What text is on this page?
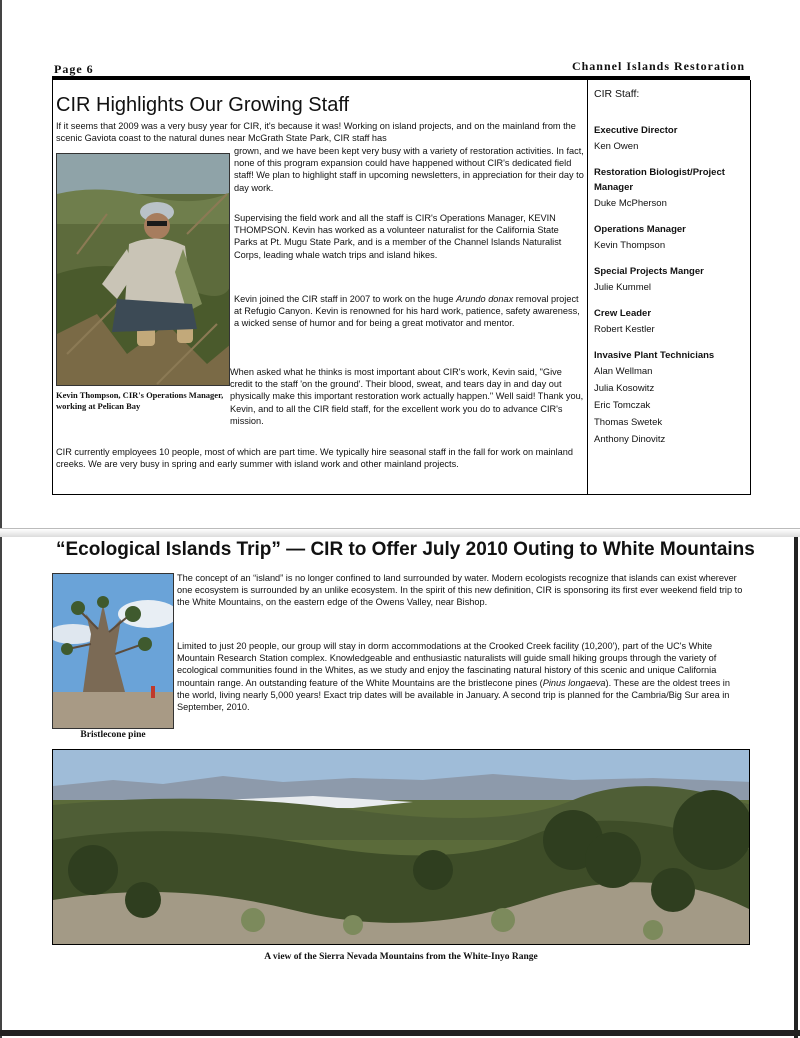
Page 6	Channel Islands Restoration
CIR Highlights Our Growing Staff

If it seems that 2009 was a very busy year for CIR, it's because it was! Working on island projects, and on the mainland from the scenic Gaviota coast to the natural dunes near McGrath State Park, CIR staff has

Kevin Thompson, CIR's Operations Manager, working at Pelican Bay

grown, and we have been kept very busy with a variety of restoration activities. In fact, none of this program expansion could have happened without CIR's dedicated field staff! We plan to highlight staff in upcoming newsletters, in appreciation for their day to day work.

Supervising the field work and all the staff is CIR's Operations Manager, KEVIN THOMPSON. Kevin has worked as a volunteer naturalist for the California State Parks at Pt. Mugu State Park, and is a member of the Channel Islands Naturalist Corps, leading whale watch trips and island hikes.

Kevin joined the CIR staff in 2007 to work on the huge Arundo donax removal project at Refugio Canyon. Kevin is renowned for his hard work, patience, safety awareness, a wicked sense of humor and for being a great motivator and mentor.

When asked what he thinks is most important about CIR's work, Kevin said, "Give credit to the staff 'on the ground'. Their blood, sweat, and tears day in and day out physically make this important restoration work actually happen." Well said! Thank you, Kevin, and to all the CIR field staff, for the excellent work you do to advance CIR's mission.

CIR currently employees 10 people, most of which are part time. We typically hire seasonal staff in the fall for work on mainland creeks. We are very busy in spring and early summer with island work and other mainland projects.

CIR Staff:
Executive Director
Ken Owen
Restoration Biologist/Project Manager
Duke McPherson
Operations Manager
Kevin Thompson
Special Projects Manger
Julie Kummel
Crew Leader
Robert Kestler
Invasive Plant Technicians
Alan Wellman
Julia Kosowitz
Eric Tomczak
Thomas Swetek
Anthony Dinovitz
“Ecological Islands Trip” — CIR to Offer July 2010 Outing to White Mountains
Bristlecone pine

The concept of an “island” is no longer confined to land surrounded by water. Modern ecologists recognize that islands can exist wherever one ecosystem is surrounded by an unlike ecosystem. In the spirit of this new definition, CIR is sponsoring its first ever weekend field trip to the White Mountains, on the eastern edge of the Owens Valley, near Bishop.

Limited to just 20 people, our group will stay in dorm accommodations at the Crooked Creek facility (10,200'), part of the UC's White Mountain Research Station complex. Knowledgeable and enthusiastic naturalists will guide small hiking groups through the variety of ecological communities found in the Whites, as we study and enjoy the fascinating natural history of this scenic and unique California mountain range. An outstanding feature of the White Mountains are the bristlecone pines (Pinus longaeva). These are the oldest trees in the world, living nearly 5,000 years! Exact trip dates will be available in January. A second trip is planned for the Cambria/Big Sur area in September, 2010.

A view of the Sierra Nevada Mountains from the White-Inyo Range
